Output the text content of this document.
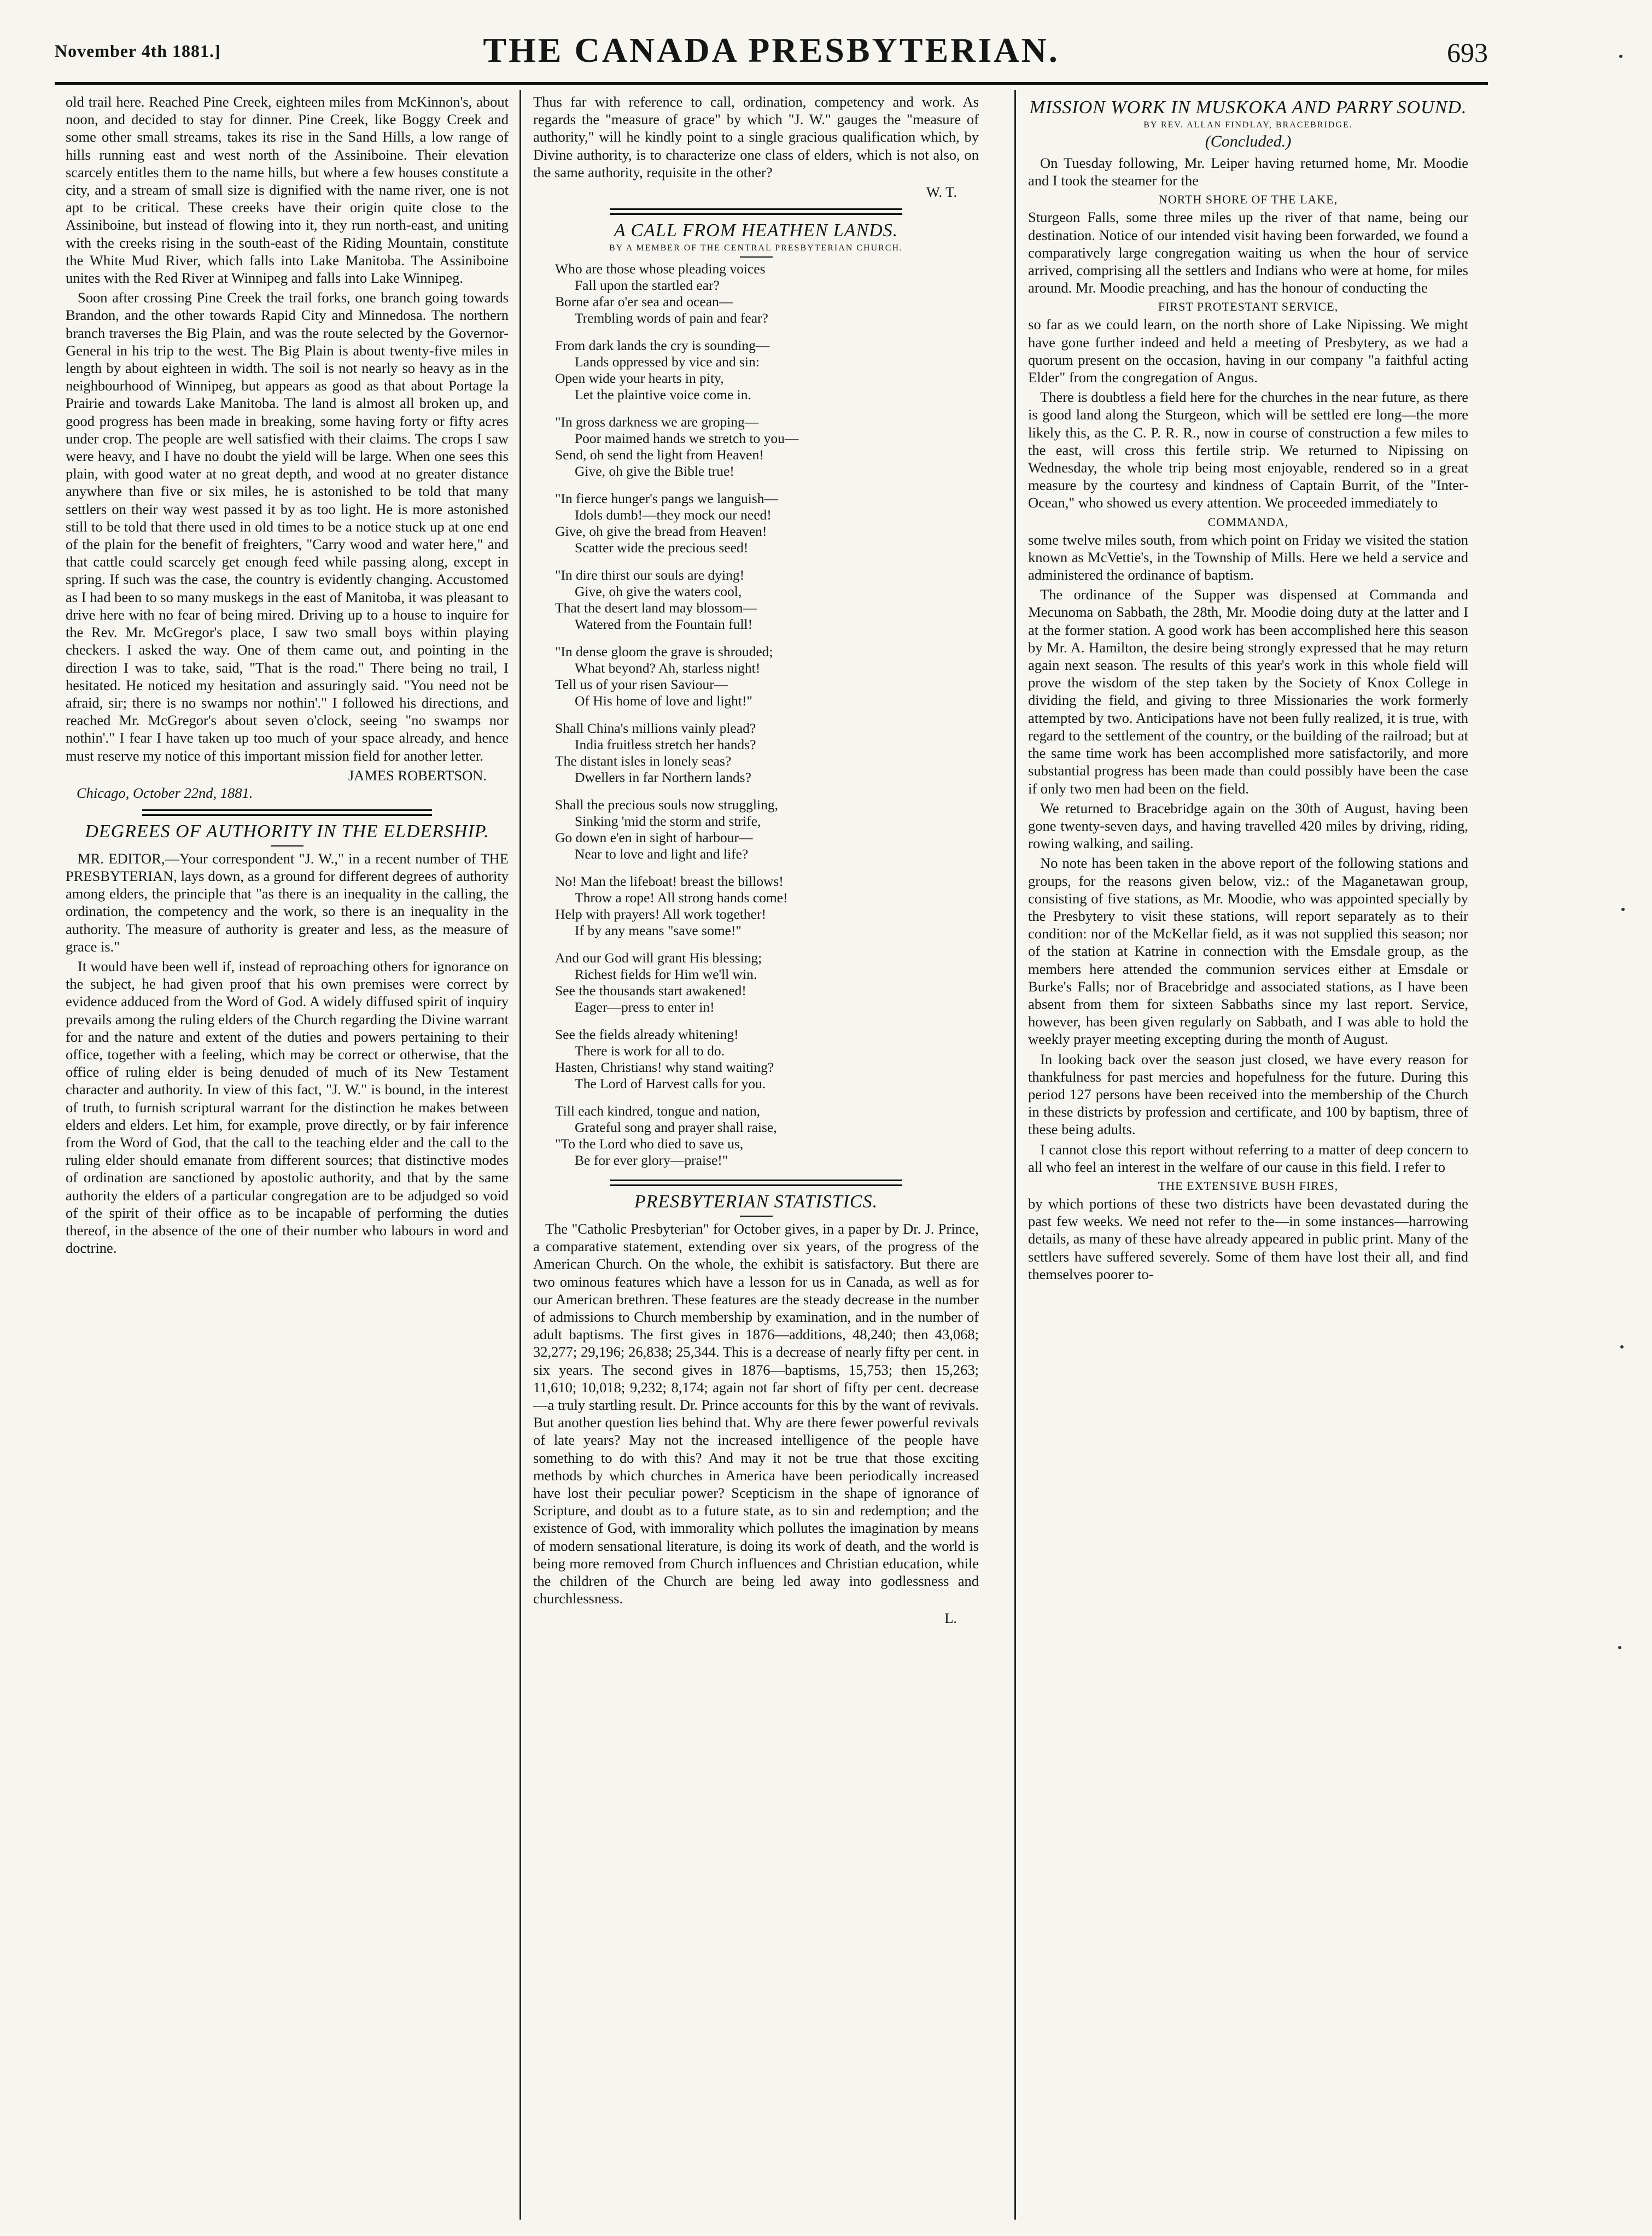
November 4th 1881.]	THE CANADA PRESBYTERIAN.	693

old trail here. Reached Pine Creek, eighteen miles from McKinnon's, about noon, and decided to stay for dinner. Pine Creek, like Boggy Creek and some other small streams, takes its rise in the Sand Hills, a low range of hills running east and west north of the Assiniboine. Their elevation scarcely entitles them to the name hills, but where a few houses constitute a city, and a stream of small size is dignified with the name river, one is not apt to be critical. These creeks have their origin quite close to the Assiniboine, but instead of flowing into it, they run north-east, and uniting with the creeks rising in the south-east of the Riding Mountain, constitute the White Mud River, which falls into Lake Manitoba. The Assiniboine unites with the Red River at Winnipeg and falls into Lake Winnipeg.

Soon after crossing Pine Creek the trail forks, one branch going towards Brandon, and the other towards Rapid City and Minnedosa. The northern branch traverses the Big Plain, and was the route selected by the Governor-General in his trip to the west. The Big Plain is about twenty-five miles in length by about eighteen in width. The soil is not nearly so heavy as in the neighbourhood of Winnipeg, but appears as good as that about Portage la Prairie and towards Lake Manitoba. The land is almost all broken up, and good progress has been made in breaking, some having forty or fifty acres under crop. The people are well satisfied with their claims. The crops I saw were heavy, and I have no doubt the yield will be large. When one sees this plain, with good water at no great depth, and wood at no greater distance anywhere than five or six miles, he is astonished to be told that many settlers on their way west passed it by as too light. He is more astonished still to be told that there used in old times to be a notice stuck up at one end of the plain for the benefit of freighters, "Carry wood and water here," and that cattle could scarcely get enough feed while passing along, except in spring. If such was the case, the country is evidently changing. Accustomed as I had been to so many muskegs in the east of Manitoba, it was pleasant to drive here with no fear of being mired. Driving up to a house to inquire for the Rev. Mr. McGregor's place, I saw two small boys within playing checkers. I asked the way. One of them came out, and pointing in the direction I was to take, said, "That is the road." There being no trail, I hesitated. He noticed my hesitation and assuringly said. "You need not be afraid, sir; there is no swamps nor nothin'." I followed his directions, and reached Mr. McGregor's about seven o'clock, seeing "no swamps nor nothin'." I fear I have taken up too much of your space already, and hence must reserve my notice of this important mission field for another letter.

JAMES ROBERTSON.
Chicago, October 22nd, 1881.
DEGREES OF AUTHORITY IN THE ELDERSHIP.

MR. EDITOR,—Your correspondent "J. W.," in a recent number of THE PRESBYTERIAN, lays down, as a ground for different degrees of authority among elders, the principle that "as there is an inequality in the calling, the ordination, the competency and the work, so there is an inequality in the authority. The measure of authority is greater and less, as the measure of grace is."

It would have been well if, instead of reproaching others for ignorance on the subject, he had given proof that his own premises were correct by evidence adduced from the Word of God. A widely diffused spirit of inquiry prevails among the ruling elders of the Church regarding the Divine warrant for and the nature and extent of the duties and powers pertaining to their office, together with a feeling, which may be correct or otherwise, that the office of ruling elder is being denuded of much of its New Testament character and authority. In view of this fact, "J. W." is bound, in the interest of truth, to furnish scriptural warrant for the distinction he makes between elders and elders. Let him, for example, prove directly, or by fair inference from the Word of God, that the call to the teaching elder and the call to the ruling elder should emanate from different sources; that distinctive modes of ordination are sanctioned by apostolic authority, and that by the same authority the elders of a particular congregation are to be adjudged so void of the spirit of their office as to be incapable of performing the duties thereof, in the absence of the one of their number who labours in word and doctrine.

Thus far with reference to call, ordination, competency and work. As regards the "measure of grace" by which "J. W." gauges the "measure of authority," will he kindly point to a single gracious qualification which, by Divine authority, is to characterize one class of elders, which is not also, on the same authority, requisite in the other?

W. T.
A CALL FROM HEATHEN LANDS.
BY A MEMBER OF THE CENTRAL PRESBYTERIAN CHURCH.
Who are those whose pleading voices
Fall upon the startled ear?
Borne afar o'er sea and ocean—
Trembling words of pain and fear?
From dark lands the cry is sounding—
Lands oppressed by vice and sin:
Open wide your hearts in pity,
Let the plaintive voice come in.
"In gross darkness we are groping—
Poor maimed hands we stretch to you—
Send, oh send the light from Heaven!
Give, oh give the Bible true!
"In fierce hunger's pangs we languish—
Idols dumb!—they mock our need!
Give, oh give the bread from Heaven!
Scatter wide the precious seed!
"In dire thirst our souls are dying!
Give, oh give the waters cool,
That the desert land may blossom—
Watered from the Fountain full!
"In dense gloom the grave is shrouded;
What beyond? Ah, starless night!
Tell us of your risen Saviour—
Of His home of love and light!"
Shall China's millions vainly plead?
India fruitless stretch her hands?
The distant isles in lonely seas?
Dwellers in far Northern lands?
Shall the precious souls now struggling,
Sinking 'mid the storm and strife,
Go down e'en in sight of harbour—
Near to love and light and life?
No! Man the lifeboat! breast the billows!
Throw a rope! All strong hands come!
Help with prayers! All work together!
If by any means "save some!"
And our God will grant His blessing;
Richest fields for Him we'll win.
See the thousands start awakened!
Eager—press to enter in!
See the fields already whitening!
There is work for all to do.
Hasten, Christians! why stand waiting?
The Lord of Harvest calls for you.
Till each kindred, tongue and nation,
Grateful song and prayer shall raise,
"To the Lord who died to save us,
Be for ever glory—praise!"
PRESBYTERIAN STATISTICS.

The "Catholic Presbyterian" for October gives, in a paper by Dr. J. Prince, a comparative statement, extending over six years, of the progress of the American Church. On the whole, the exhibit is satisfactory. But there are two ominous features which have a lesson for us in Canada, as well as for our American brethren. These features are the steady decrease in the number of admissions to Church membership by examination, and in the number of adult baptisms. The first gives in 1876—additions, 48,240; then 43,068; 32,277; 29,196; 26,838; 25,344. This is a decrease of nearly fifty per cent. in six years. The second gives in 1876—baptisms, 15,753; then 15,263; 11,610; 10,018; 9,232; 8,174; again not far short of fifty per cent. decrease—a truly startling result. Dr. Prince accounts for this by the want of revivals. But another question lies behind that. Why are there fewer powerful revivals of late years? May not the increased intelligence of the people have something to do with this? And may it not be true that those exciting methods by which churches in America have been periodically increased have lost their peculiar power? Scepticism in the shape of ignorance of Scripture, and doubt as to a future state, as to sin and redemption; and the existence of God, with immorality which pollutes the imagination by means of modern sensational literature, is doing its work of death, and the world is being more removed from Church influences and Christian education, while the children of the Church are being led away into godlessness and churchlessness.

L.
MISSION WORK IN MUSKOKA AND PARRY SOUND.
BY REV. ALLAN FINDLAY, BRACEBRIDGE.
(Concluded.)

On Tuesday following, Mr. Leiper having returned home, Mr. Moodie and I took the steamer for the

NORTH SHORE OF THE LAKE,

Sturgeon Falls, some three miles up the river of that name, being our destination. Notice of our intended visit having been forwarded, we found a comparatively large congregation waiting us when the hour of service arrived, comprising all the settlers and Indians who were at home, for miles around. Mr. Moodie preaching, and has the honour of conducting the

FIRST PROTESTANT SERVICE,

so far as we could learn, on the north shore of Lake Nipissing. We might have gone further indeed and held a meeting of Presbytery, as we had a quorum present on the occasion, having in our company "a faithful acting Elder" from the congregation of Angus.

There is doubtless a field here for the churches in the near future, as there is good land along the Sturgeon, which will be settled ere long—the more likely this, as the C. P. R. R., now in course of construction a few miles to the east, will cross this fertile strip. We returned to Nipissing on Wednesday, the whole trip being most enjoyable, rendered so in a great measure by the courtesy and kindness of Captain Burrit, of the "Inter-Ocean," who showed us every attention. We proceeded immediately to

COMMANDA,

some twelve miles south, from which point on Friday we visited the station known as McVettie's, in the Township of Mills. Here we held a service and administered the ordinance of baptism.

The ordinance of the Supper was dispensed at Commanda and Mecunoma on Sabbath, the 28th, Mr. Moodie doing duty at the latter and I at the former station. A good work has been accomplished here this season by Mr. A. Hamilton, the desire being strongly expressed that he may return again next season. The results of this year's work in this whole field will prove the wisdom of the step taken by the Society of Knox College in dividing the field, and giving to three Missionaries the work formerly attempted by two. Anticipations have not been fully realized, it is true, with regard to the settlement of the country, or the building of the railroad; but at the same time work has been accomplished more satisfactorily, and more substantial progress has been made than could possibly have been the case if only two men had been on the field.

We returned to Bracebridge again on the 30th of August, having been gone twenty-seven days, and having travelled 420 miles by driving, riding, rowing walking, and sailing.

No note has been taken in the above report of the following stations and groups, for the reasons given below, viz.: of the Maganetawan group, consisting of five stations, as Mr. Moodie, who was appointed specially by the Presbytery to visit these stations, will report separately as to their condition: nor of the McKellar field, as it was not supplied this season; nor of the station at Katrine in connection with the Emsdale group, as the members here attended the communion services either at Emsdale or Burke's Falls; nor of Bracebridge and associated stations, as I have been absent from them for sixteen Sabbaths since my last report. Service, however, has been given regularly on Sabbath, and I was able to hold the weekly prayer meeting excepting during the month of August.

In looking back over the season just closed, we have every reason for thankfulness for past mercies and hopefulness for the future. During this period 127 persons have been received into the membership of the Church in these districts by profession and certificate, and 100 by baptism, three of these being adults.

I cannot close this report without referring to a matter of deep concern to all who feel an interest in the welfare of our cause in this field. I refer to

THE EXTENSIVE BUSH FIRES,

by which portions of these two districts have been devastated during the past few weeks. We need not refer to the—in some instances—harrowing details, as many of these have already appeared in public print. Many of the settlers have suffered severely. Some of them have lost their all, and find themselves poorer to-
